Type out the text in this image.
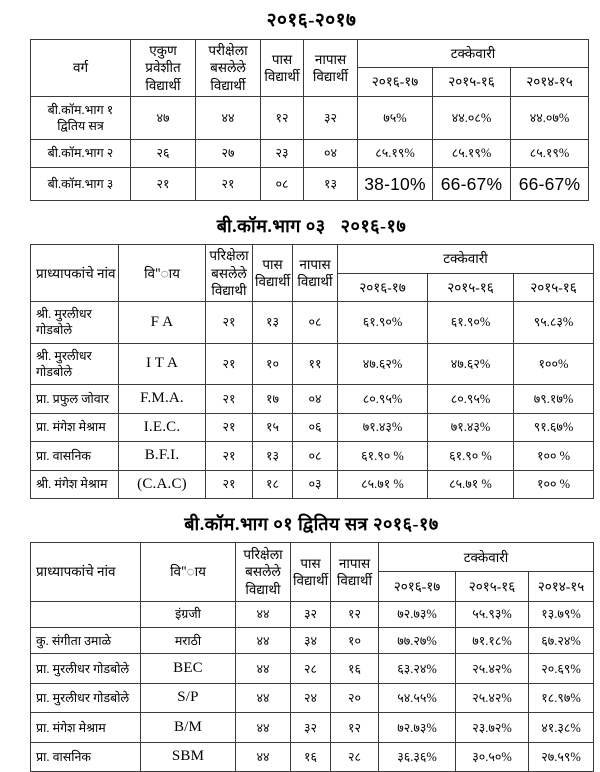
२०१६-२०१७
वर्ग	एकुण प्रवेशीत विद्यार्थी	परीक्षेला बसलेले विद्यार्थी	पास विद्यार्थी	नापास विद्यार्थी	टक्केवारी		
					२०१६-१७	२०१५-१६	२०१४-१५
बी.कॉम.भाग १ द्वितिय सत्र	४७	४४	१२	३२	७५%	४४.०८%	४४.०७%
बी.कॉम.भाग २	२६	२७	२३	०४	८५.१९%	८५.१९%	८५.१९%
बी.कॉम.भाग ३	२१	२१	०८	१३	38-10%	66-67%	66-67%
बी.कॉम.भाग ०३   २०१६-१७
प्राध्यापकांचे नांव	वि"ाय	परिक्षेला बसलेले विद्याथी	पास विद्यार्थी	नापास विद्यार्थी	टक्केवारी		
					२०१६-१७	२०१५-१६	२०१५-१६
श्री. मुरलीधर गोडबोले	F A	२१	१३	०८	६१.९०%	६१.९०%	९५.८३%
श्री. मुरलीधर गोडबोले	I T A	२१	१०	११	४७.६२%	४७.६२%	१००%
प्रा. प्रफुल जोवार	F.M.A.	२१	१७	०४	८०.९५%	८०.९५%	७९.१७%
प्रा. मंगेश मेश्राम	I.E.C.	२१	१५	०६	७१.४३%	७१.४३%	९१.६७%
प्रा. वासनिक	B.F.I.	२१	१३	०८	६१.९० %	६१.९० %	१०० %
श्री. मंगेश मेश्राम	(C.A.C)	२१	१८	०३	८५.७१ %	८५.७१ %	१०० %
बी.कॉम.भाग ०१ द्वितिय सत्र २०१६-१७
प्राध्यापकांचे नांव	वि"ाय	परिक्षेला बसलेले विद्याथी	पास विद्यार्थी	नापास विद्यार्थी	टक्केवारी		
					२०१६-१७	२०१५-१६	२०१४-१५
	इंग्रजी	४४	३२	१२	७२.७३%	५५.९३%	१३.७९%
कु. संगीता उमाळे	मराठी	४४	३४	१०	७७.२७%	७१.१८%	६७.२४%
प्रा. मुरलीधर गोडबोले	BEC	४४	२८	१६	६३.२४%	२५.४२%	२०.६९%
प्रा. मुरलीधर गोडबोले	S/P	४४	२४	२०	५४.५५%	२५.४२%	१८.९७%
प्रा. मंगेश मेश्राम	B/M	४४	३२	१२	७२.७३%	२३.७२%	४१.३८%
प्रा. वासनिक	SBM	४४	१६	२८	३६.३६%	३०.५०%	२७.५९%
